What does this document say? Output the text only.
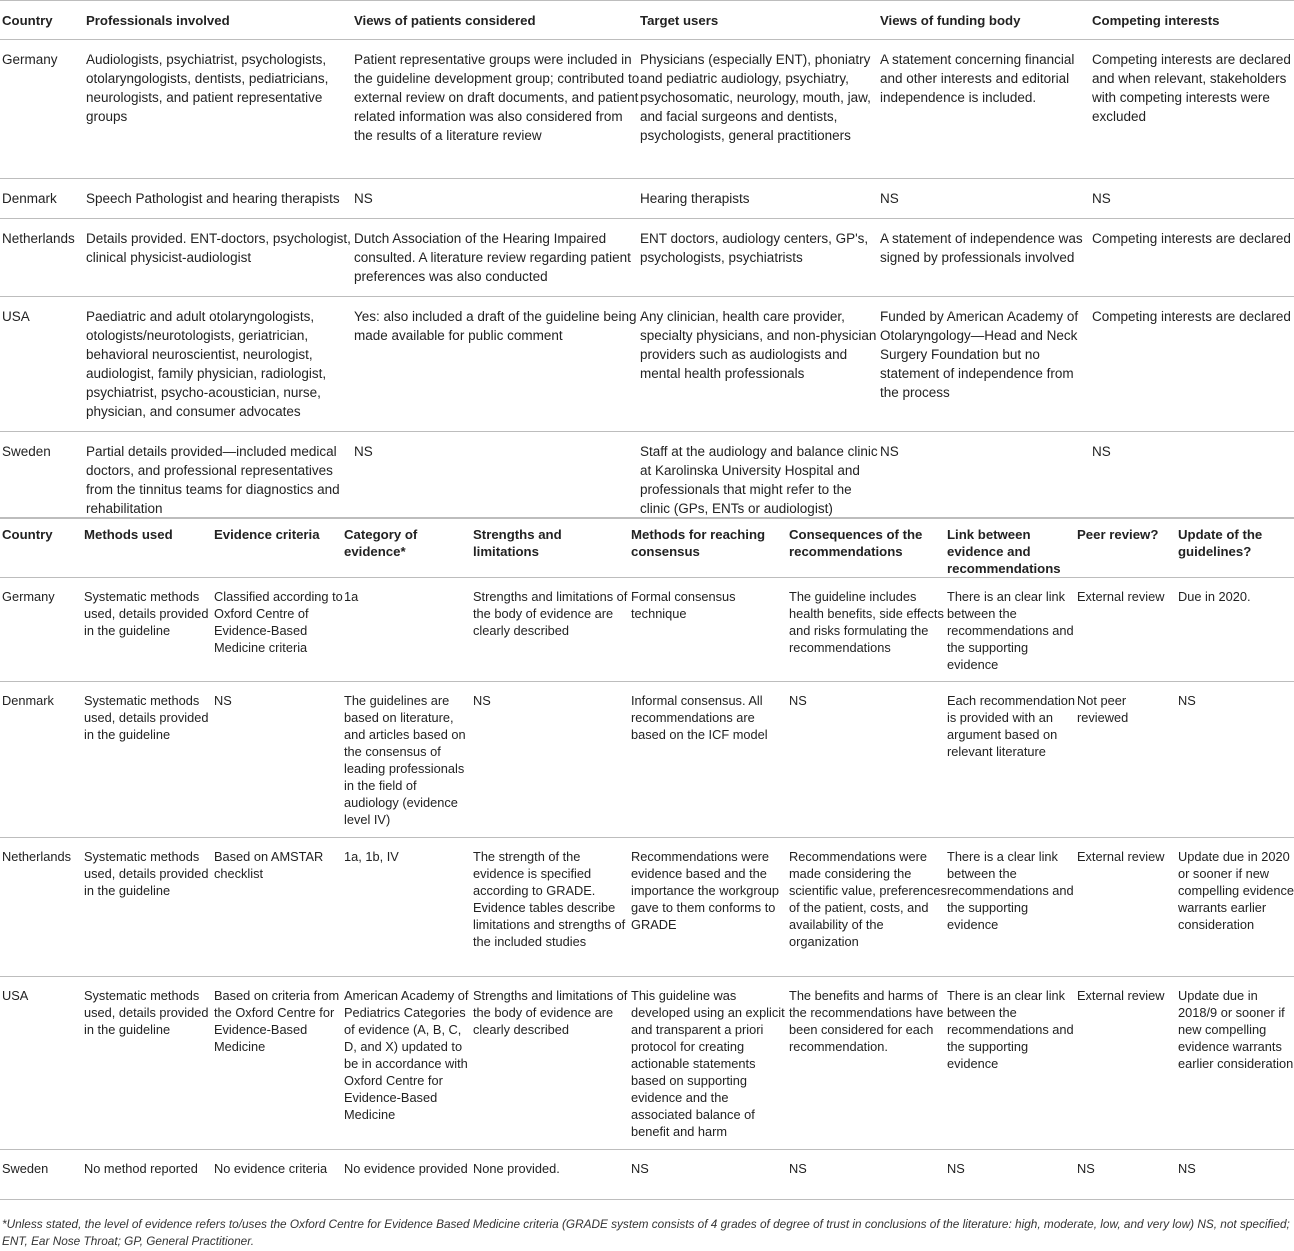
Country	Professionals involved	Views of patients considered	Target users	Views of funding body	Competing interests
Germany	Audiologists, psychiatrist, psychologists, otolaryngologists, dentists, pediatricians, neurologists, and patient representative groups	Patient representative groups were included in the guideline development group; contributed to external review on draft documents, and patient related information was also considered from the results of a literature review	Physicians (especially ENT), phoniatry and pediatric audiology, psychiatry, psychosomatic, neurology, mouth, jaw, and facial surgeons and dentists, psychologists, general practitioners	A statement concerning financial and other interests and editorial independence is included.	Competing interests are declared and when relevant, stakeholders with competing interests were excluded
Denmark	Speech Pathologist and hearing therapists	NS	Hearing therapists	NS	NS
Netherlands	Details provided. ENT-doctors, psychologist, clinical physicist-audiologist	Dutch Association of the Hearing Impaired consulted. A literature review regarding patient preferences was also conducted	ENT doctors, audiology centers, GP's, psychologists, psychiatrists	A statement of independence was signed by professionals involved	Competing interests are declared
USA	Paediatric and adult otolaryngologists, otologists/neurotologists, geriatrician, behavioral neuroscientist, neurologist, audiologist, family physician, radiologist, psychiatrist, psycho-acoustician, nurse, physician, and consumer advocates	Yes: also included a draft of the guideline being made available for public comment	Any clinician, health care provider, specialty physicians, and non-physician providers such as audiologists and mental health professionals	Funded by American Academy of Otolaryngology—Head and Neck Surgery Foundation but no statement of independence from the process	Competing interests are declared
Sweden	Partial details provided—included medical doctors, and professional representatives from the tinnitus teams for diagnostics and rehabilitation	NS	Staff at the audiology and balance clinic at Karolinska University Hospital and professionals that might refer to the clinic (GPs, ENTs or audiologist)	NS	NS
Country	Methods used	Evidence criteria	Category of evidence*	Strengths and limitations	Methods for reaching consensus	Consequences of the recommendations	Link between evidence and recommendations	Peer review?	Update of the guidelines?
Germany	Systematic methods used, details provided in the guideline	Classified according to Oxford Centre of Evidence-Based Medicine criteria	1a	Strengths and limitations of the body of evidence are clearly described	Formal consensus technique	The guideline includes health benefits, side effects and risks formulating the recommendations	There is an clear link between the recommendations and the supporting evidence	External review	Due in 2020.
Denmark	Systematic methods used, details provided in the guideline	NS	The guidelines are based on literature, and articles based on the consensus of leading professionals in the field of audiology (evidence level IV)	NS	Informal consensus. All recommendations are based on the ICF model	NS	Each recommendation is provided with an argument based on relevant literature	Not peer reviewed	NS
Netherlands	Systematic methods used, details provided in the guideline	Based on AMSTAR checklist	1a, 1b, IV	The strength of the evidence is specified according to GRADE. Evidence tables describe limitations and strengths of the included studies	Recommendations were evidence based and the importance the workgroup gave to them conforms to GRADE	Recommendations were made considering the scientific value, preferences of the patient, costs, and availability of the organization	There is a clear link between the recommendations and the supporting evidence	External review	Update due in 2020 or sooner if new compelling evidence warrants earlier consideration
USA	Systematic methods used, details provided in the guideline	Based on criteria from the Oxford Centre for Evidence-Based Medicine	American Academy of Pediatrics Categories of evidence (A, B, C, D, and X) updated to be in accordance with Oxford Centre for Evidence-Based Medicine	Strengths and limitations of the body of evidence are clearly described	This guideline was developed using an explicit and transparent a priori protocol for creating actionable statements based on supporting evidence and the associated balance of benefit and harm	The benefits and harms of the recommendations have been considered for each recommendation.	There is an clear link between the recommendations and the supporting evidence	External review	Update due in 2018/9 or sooner if new compelling evidence warrants earlier consideration
Sweden	No method reported	No evidence criteria	No evidence provided	None provided.	NS	NS	NS	NS	NS
*Unless stated, the level of evidence refers to/uses the Oxford Centre for Evidence Based Medicine criteria (GRADE system consists of 4 grades of degree of trust in conclusions of the literature: high, moderate, low, and very low) NS, not specified; ENT, Ear Nose Throat; GP, General Practitioner.
